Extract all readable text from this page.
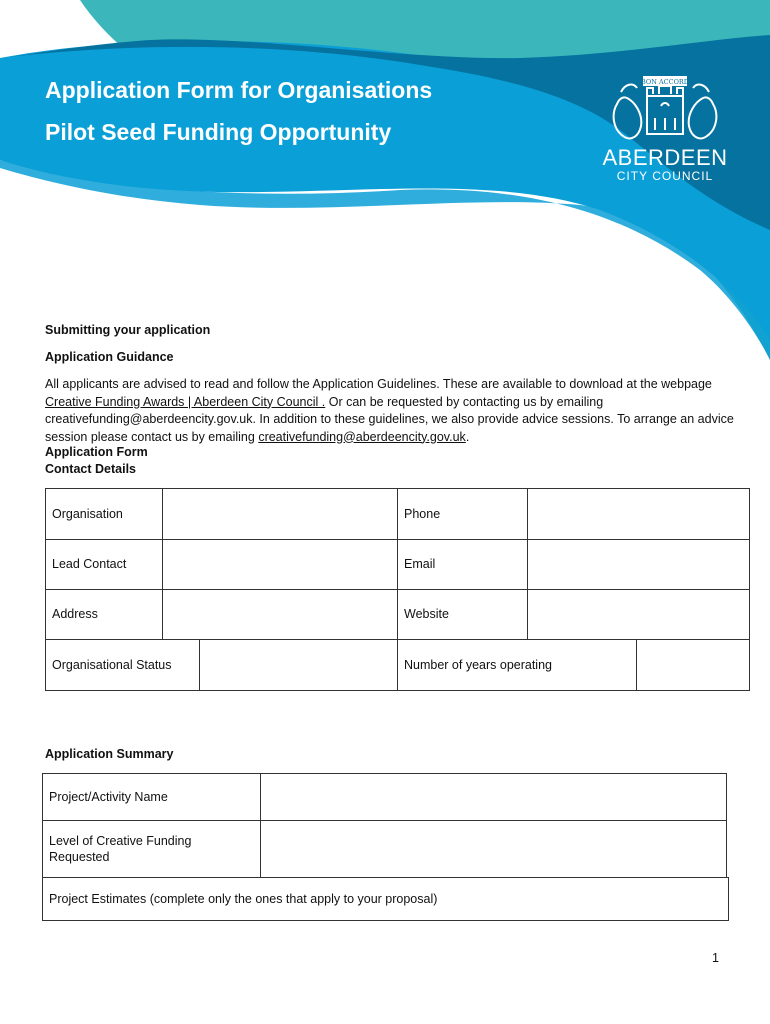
Application Form for Organisations
Pilot Seed Funding Opportunity
BON ACCORD
ABERDEEN
CITY COUNCIL
Submitting your application
Application Guidance
All applicants are advised to read and follow the Application Guidelines. These are available to download at the webpage Creative Funding Awards | Aberdeen City Council . Or can be requested by contacting us by emailing creativefunding@aberdeencity.gov.uk. In addition to these guidelines, we also provide advice sessions. To arrange an advice session please contact us by emailing creativefunding@aberdeencity.gov.uk.
Application Form
Contact Details
Organisation	Phone
Lead Contact	Email
Address	Website
Organisational Status	Number of years operating
Application Summary
Project/Activity Name
Level of Creative Funding Requested
Project Estimates (complete only the ones that apply to your proposal)
1
